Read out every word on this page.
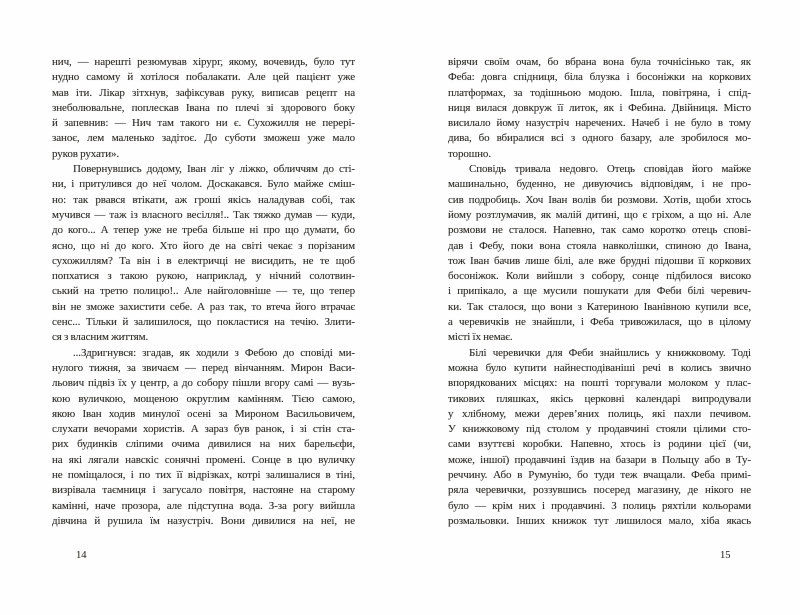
нич, — нарешті резюмував хірург, якому, вочевидь, було тут
нудно самому й хотілося побалакати. Але цей пацієнт уже
мав іти. Лікар зітхнув, зафіксував руку, виписав рецепт на
знеболювальне, поплескав Івана по плечі зі здорового боку
й запевнив: — Нич там такого ни є. Сухожилля не перері-
заноє, лем маленько задітоє. До суботи зможеш уже мало
руков рухати».
Повернувшись додому, Іван ліг у ліжко, обличчям до сті-
ни, і притулився до неї чолом. Доскакався. Було майже сміш-
но: так рвався втікати, аж гроші якісь наладував собі, так
мучився — таж із власного весілля!.. Так тяжко думав — куди,
до кого... А тепер уже не треба більше ні про що думати, бо
ясно, що ні до кого. Хто його де на світі чекає з порізаним
сухожиллям? Та він і в електричці не висидить, не те щоб
попхатися з такою рукою, наприклад, у нічний солотвин-
ський на третю полицю!.. Але найголовніше — те, що тепер
він не зможе захистити себе. А раз так, то втеча його втрачає
сенс... Тільки й залишилося, що покластися на течію. Злити-
ся з власним життям.
...Здригнувся: згадав, як ходили з Фебою до сповіді ми-
нулого тижня, за звичаєм — перед вінчанням. Мирон Васи-
льович підвіз їх у центр, а до собору пішли вгору самі — вузь-
кою вуличкою, мощеною округлим камінням. Тією самою,
якою Іван ходив минулої осені за Мироном Васильовичем,
слухати вечорами хористів. А зараз був ранок, і зі стін ста-
рих будинків сліпими очима дивилися на них барельєфи,
на які лягали навскіс сонячні промені. Сонце в цю вуличку
не поміщалося, і по тих її відрізках, котрі залишалися в тіні,
визрівала таємниця і загусало повітря, настояне на старому
камінні, наче прозора, але підступна вода. З-за рогу вийшла
дівчина й рушила їм назустріч. Вони дивилися на неї, не
вірячи своїм очам, бо вбрана вона була точнісінько так, як
Феба: довга спідниця, біла блузка і босоніжки на коркових
платформах, за тодішньою модою. Ішла, повітряна, і спід-
ниця вилася довкруж її литок, як і Фебина. Двійниця. Місто
висилало йому назустріч наречених. Начеб і не було в тому
дива, бо вбиралися всі з одного базару, але зробилося мо-
торошно.
Сповідь тривала недовго. Отець сповідав його майже
машинально, буденно, не дивуючись відповідям, і не про-
сив подробиць. Хоч Іван волів би розмови. Хотів, щоби хтось
йому розтлумачив, як малій дитині, що є гріхом, а що ні. Але
розмови не сталося. Напевно, так само коротко отець спові-
дав і Фебу, поки вона стояла навколішки, спиною до Івана,
тож Іван бачив лише білі, але вже брудні підошви її коркових
босоніжок. Коли вийшли з собору, сонце підбилося високо
і припікало, а ще мусили пошукати для Феби білі черевич-
ки. Так сталося, що вони з Катериною Іванівною купили все,
а черевичків не знайшли, і Феба тривожилася, що в цілому
місті їх немає.
Білі черевички для Феби знайшлись у книжковому. Тоді
можна було купити найнесподіваніші речі в колись звично
впорядкованих місцях: на пошті торгували молоком у плас-
тикових пляшках, якісь церковні календарі випродували
у хлібному, межи дерев’яних полиць, які пахли печивом.
У книжковому під столом у продавчині стояли цілими сто-
сами взуттєві коробки. Напевно, хтось із родини цієї (чи,
може, іншої) продавчині їздив на базари в Польщу або в Ту-
реччину. Або в Румунію, бо туди теж вчащали. Феба примі-
ряла черевички, роззувшись посеред магазину, де нікого не
було — крім них і продавчині. З полиць ряхтіли кольорами
розмальовки. Інших книжок тут лишилося мало, хіба якась
14	15
